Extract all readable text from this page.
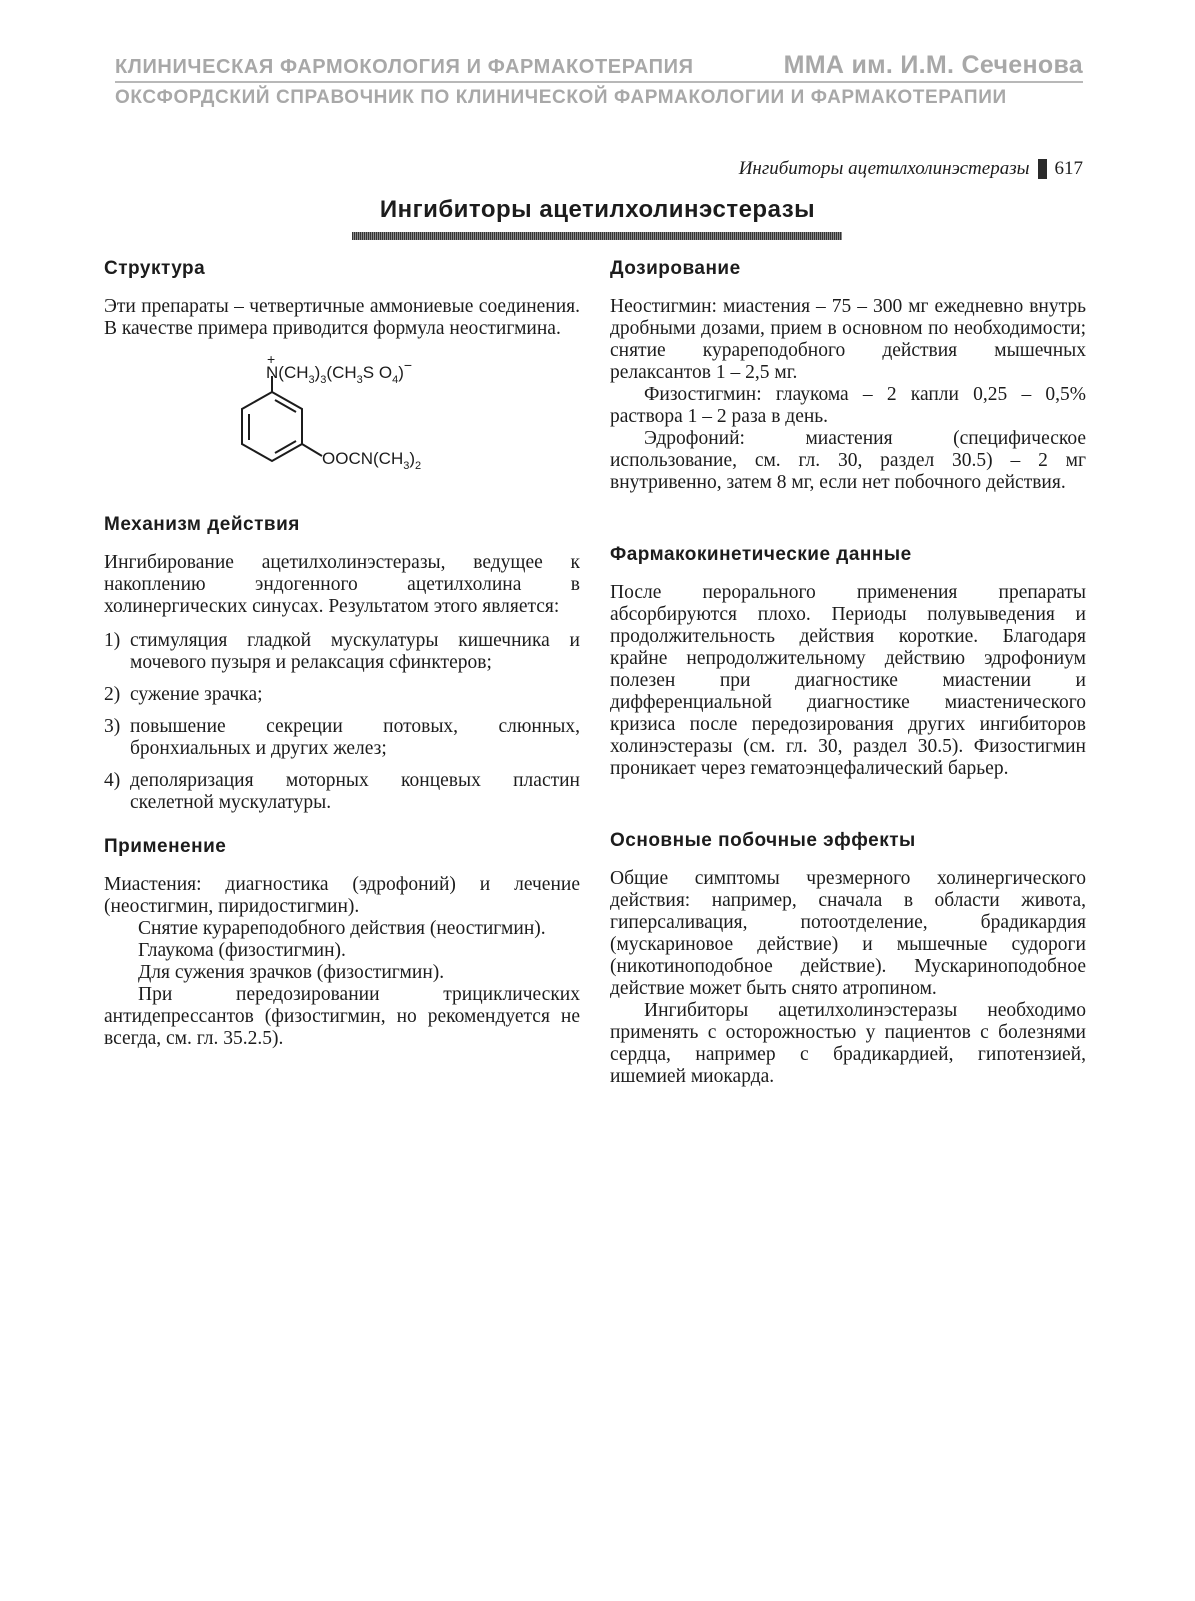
КЛИНИЧЕСКАЯ ФАРМОКОЛОГИЯ И ФАРМАКОТЕРАПИЯ	ММА им. И.М. Сеченова
ОКСФОРДСКИЙ СПРАВОЧНИК ПО КЛИНИЧЕСКОЙ ФАРМАКОЛОГИИ И ФАРМАКОТЕРАПИИ
Ингибиторы ацетилхолинэстеразы 617
Ингибиторы ацетилхолинэстеразы
Структура

Эти препараты – четвертичные аммониевые соединения. В качестве примера приводится формула неостигмина.

+
$N(CH_3)_3(CH_3S$ $O_4)^-$
$OOCN(CH_3)_2$
Механизм действия

Ингибирование ацетилхолинэстеразы, ведущее к накоплению эндогенного ацетилхолина в холинергических синусах. Результатом этого является:

1) стимуляция гладкой мускулатуры кишечника и мочевого пузыря и релаксация сфинктеров;
2) сужение зрачка;
3) повышение секреции потовых, слюнных, бронхиальных и других желез;
4) деполяризация моторных концевых пластин скелетной мускулатуры.
Применение

Миастения: диагностика (эдрофоний) и лечение (неостигмин, пиридостигмин).

Снятие курареподобного действия (неостигмин).

Глаукома (физостигмин).

Для сужения зрачков (физостигмин).

При передозировании трициклических антидепрессантов (физостигмин, но рекомендуется не всегда, см. гл. 35.2.5).

Дозирование

Неостигмин: миастения – 75 – 300 мг ежедневно внутрь дробными дозами, прием в основном по необходимости; снятие курареподобного действия мышечных релаксантов 1 – 2,5 мг.

Физостигмин: глаукома – 2 капли 0,25 – 0,5% раствора 1 – 2 раза в день.

Эдрофоний: миастения (специфическое использование, см. гл. 30, раздел 30.5) – 2 мг внутривенно, затем 8 мг, если нет побочного действия.

Фармакокинетические данные

После перорального применения препараты абсорбируются плохо. Периоды полувыведения и продолжительность действия короткие. Благодаря крайне непродолжительному действию эдрофониум полезен при диагностике миастении и дифференциальной диагностике миастенического кризиса после передозирования других ингибиторов холинэстеразы (см. гл. 30, раздел 30.5). Физостигмин проникает через гематоэнцефалический барьер.

Основные побочные эффекты

Общие симптомы чрезмерного холинергического действия: например, сначала в области живота, гиперсаливация, потоотделение, брадикардия (мускариновое действие) и мышечные судороги (никотиноподобное действие). Мускариноподобное действие может быть снято атропином.

Ингибиторы ацетилхолинэстеразы необходимо применять с осторожностью у пациентов с болезнями сердца, например с брадикардией, гипотензией, ишемией миокарда.
